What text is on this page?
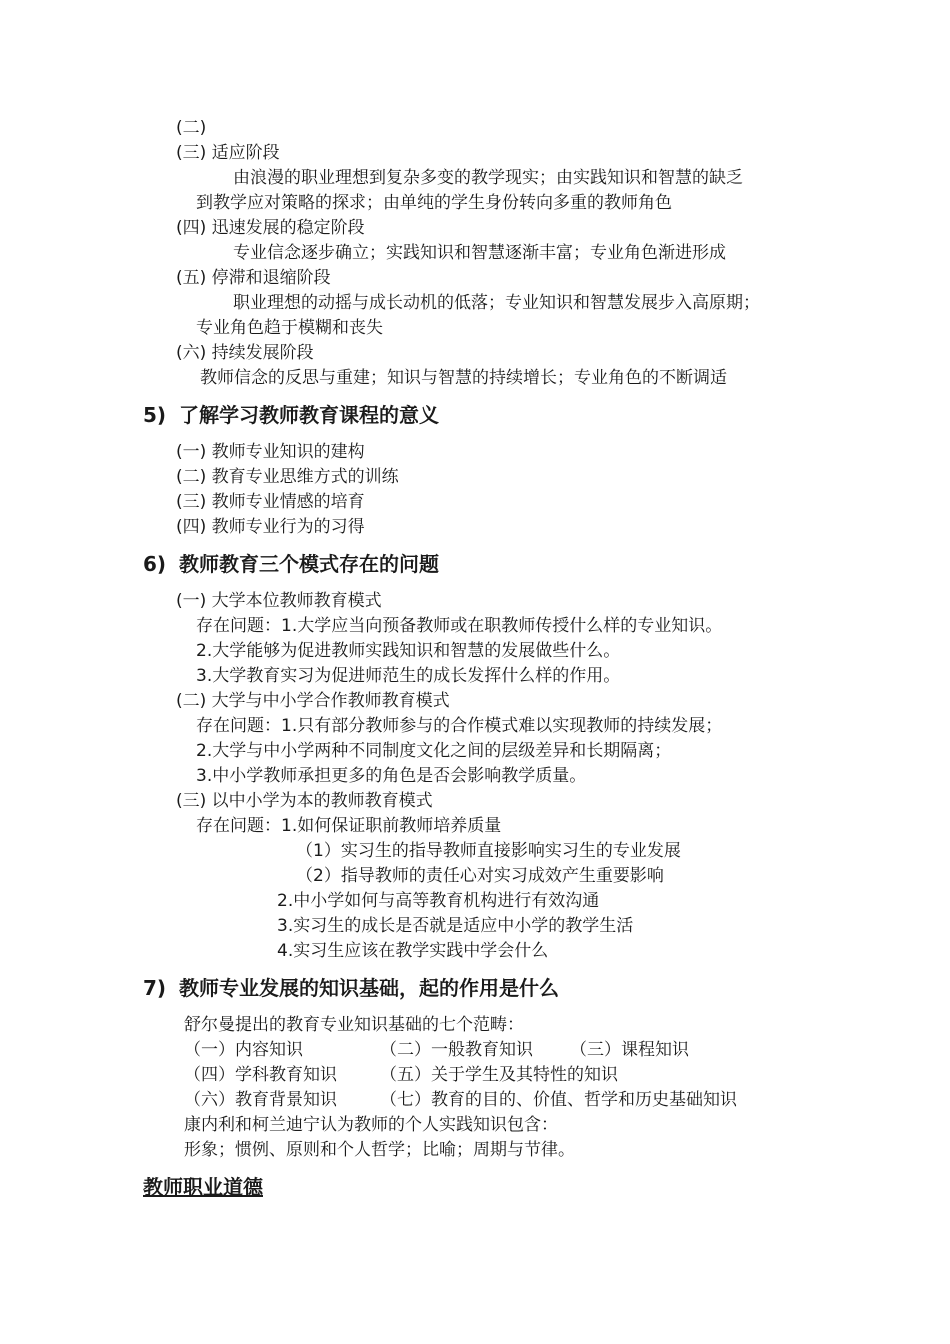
(二)
(三) 适应阶段
由浪漫的职业理想到复杂多变的教学现实；由实践知识和智慧的缺乏
到教学应对策略的探求；由单纯的学生身份转向多重的教师角色
(四) 迅速发展的稳定阶段
专业信念逐步确立；实践知识和智慧逐渐丰富；专业角色渐进形成
(五) 停滞和退缩阶段
职业理想的动摇与成长动机的低落；专业知识和智慧发展步入高原期；
专业角色趋于模糊和丧失
(六) 持续发展阶段
教师信念的反思与重建；知识与智慧的持续增长；专业角色的不断调适
5) 了解学习教师教育课程的意义
(一) 教师专业知识的建构
(二) 教育专业思维方式的训练
(三) 教师专业情感的培育
(四) 教师专业行为的习得
6) 教师教育三个模式存在的问题
(一) 大学本位教师教育模式
存在问题：1.大学应当向预备教师或在职教师传授什么样的专业知识。
2.大学能够为促进教师实践知识和智慧的发展做些什么。
3.大学教育实习为促进师范生的成长发挥什么样的作用。
(二) 大学与中小学合作教师教育模式
存在问题：1.只有部分教师参与的合作模式难以实现教师的持续发展；
2.大学与中小学两种不同制度文化之间的层级差异和长期隔离；
3.中小学教师承担更多的角色是否会影响教学质量。
(三) 以中小学为本的教师教育模式
存在问题：1.如何保证职前教师培养质量
（1）实习生的指导教师直接影响实习生的专业发展
（2）指导教师的责任心对实习成效产生重要影响
2.中小学如何与高等教育机构进行有效沟通
3.实习生的成长是否就是适应中小学的教学生活
4.实习生应该在教学实践中学会什么
7) 教师专业发展的知识基础，起的作用是什么
舒尔曼提出的教育专业知识基础的七个范畴：
（一）内容知识	（二）一般教育知识 （三）课程知识
（四）学科教育知识	（五）关于学生及其特性的知识
（六）教育背景知识	（七）教育的目的、价值、哲学和历史基础知识
康内利和柯兰迪宁认为教师的个人实践知识包含：
形象；惯例、原则和个人哲学；比喻；周期与节律。
教师职业道德
